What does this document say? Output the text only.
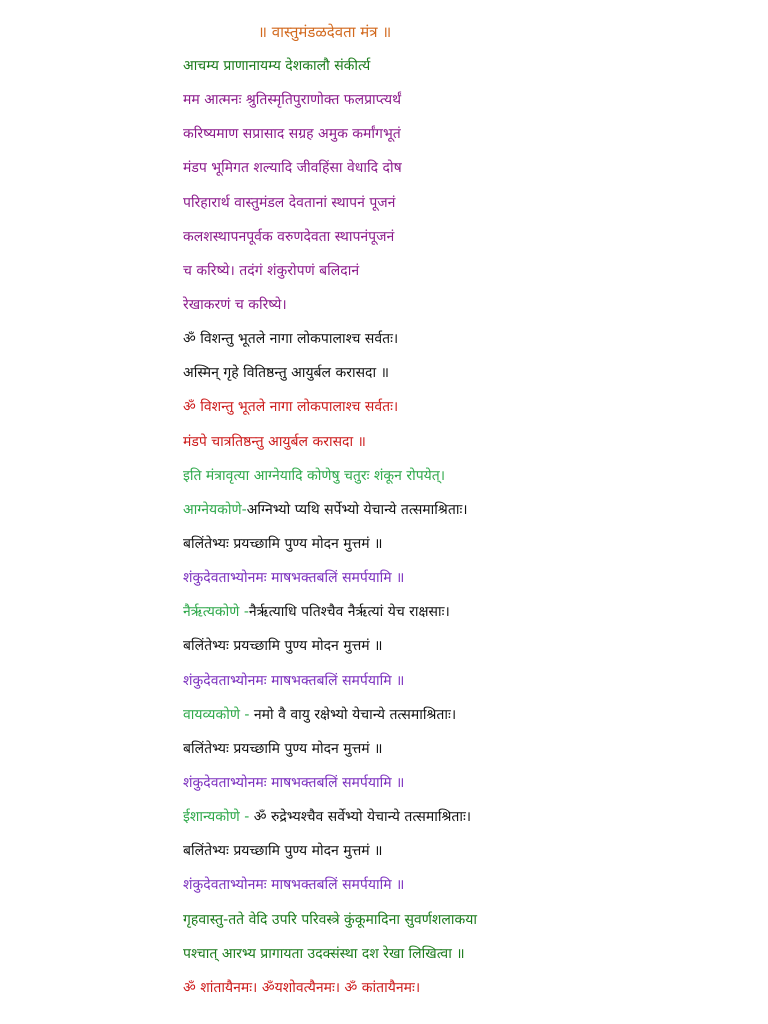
॥ वास्तुमंडळदेवता मंत्र ॥
आचम्य प्राणानायम्य देशकालौ संकीर्त्य
मम आत्मनः श्रुतिस्मृतिपुराणोक्त फलप्राप्त्यर्थं
करिष्यमाण सप्रासाद सग्रह अमुक कर्मांगभूतं
मंडप भूमिगत शल्यादि जीवहिंसा वेधादि दोष
परिहारार्थ वास्तुमंडल देवतानां स्थापनं पूजनं
कलशस्थापनपूर्वक वरुणदेवता स्थापनंपूजनं
च करिष्ये। तदंगं शंकुरोपणं बलिदानं
रेखाकरणं च करिष्ये।
ॐ विशन्तु भूतले नागा लोकपालाश्च सर्वतः।
अस्मिन् गृहे वितिष्ठन्तु आयुर्बल करासदा ॥
ॐ विशन्तु भूतले नागा लोकपालाश्च सर्वतः।
मंडपे चात्रतिष्ठन्तु आयुर्बल करासदा ॥
इति मंत्रावृत्या आग्नेयादि कोणेषु चतुरः शंकून रोपयेत्।
आग्नेयकोणे-अग्निभ्यो प्यथि सर्पेभ्यो येचान्ये तत्समाश्रिताः।
बलिंतेभ्यः प्रयच्छामि पुण्य मोदन मुत्तमं ॥
शंकुदेवताभ्योनमः माषभक्तबलिं समर्पयामि ॥
नैर्ऋत्यकोणे -नैर्ऋत्याधि पतिश्चैव नैर्ऋत्यां येच राक्षसाः।
बलिंतेभ्यः प्रयच्छामि पुण्य मोदन मुत्तमं ॥
शंकुदेवताभ्योनमः माषभक्तबलिं समर्पयामि ॥
वायव्यकोणे - नमो वै वायु रक्षेभ्यो येचान्ये तत्समाश्रिताः।
बलिंतेभ्यः प्रयच्छामि पुण्य मोदन मुत्तमं ॥
शंकुदेवताभ्योनमः माषभक्तबलिं समर्पयामि ॥
ईशान्यकोणे - ॐ रुद्रेभ्यश्चैव सर्वेभ्यो येचान्ये तत्समाश्रिताः।
बलिंतेभ्यः प्रयच्छामि पुण्य मोदन मुत्तमं ॥
शंकुदेवताभ्योनमः माषभक्तबलिं समर्पयामि ॥
गृहवास्तु-तते वेदि उपरि परिवस्त्रे कुंकूमादिना सुवर्णशलाकया
पश्चात् आरभ्य प्रागायता उदक्संस्था दश रेखा लिखित्वा ॥
ॐ शांतायैनमः। ॐयशोवत्यैनमः। ॐ कांतायैनमः।
